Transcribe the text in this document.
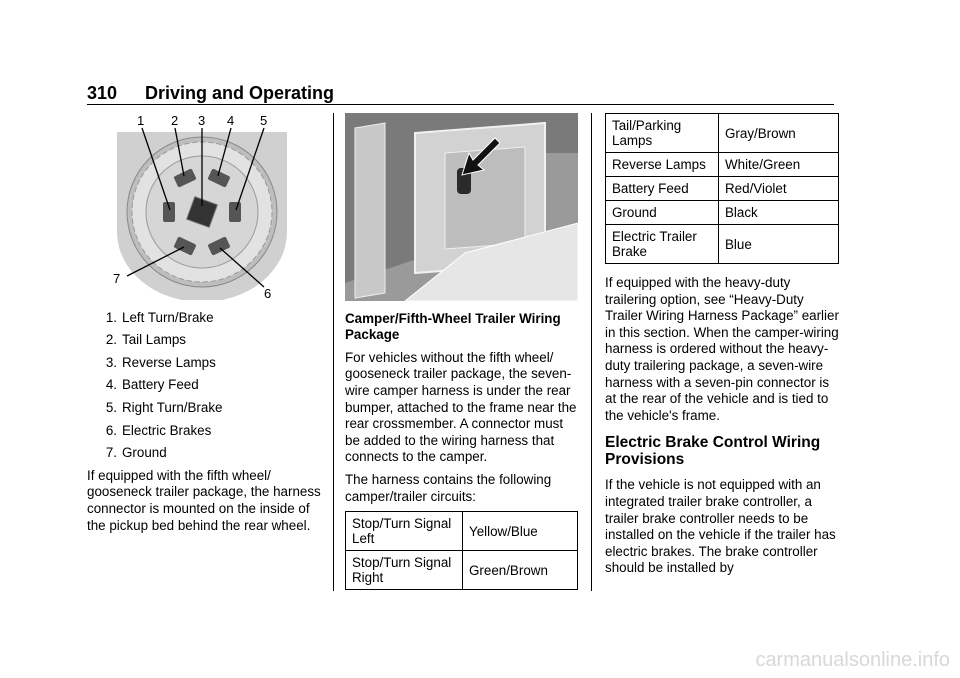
310 Driving and Operating
1 2 3 4 5
6
7
1. Left Turn/Brake
2. Tail Lamps
3. Reverse Lamps
4. Battery Feed
5. Right Turn/Brake
6. Electric Brakes
7. Ground

If equipped with the fifth wheel/ gooseneck trailer package, the harness connector is mounted on the inside of the pickup bed behind the rear wheel.

Camper/Fifth-Wheel Trailer Wiring Package

For vehicles without the fifth wheel/ gooseneck trailer package, the seven-wire camper harness is under the rear bumper, attached to the frame near the rear crossmember. A connector must be added to the wiring harness that connects to the camper.

The harness contains the following camper/trailer circuits:

Stop/Turn Signal Left	Yellow/Blue
Stop/Turn Signal Right	Green/Brown
Tail/Parking Lamps	Gray/Brown
Reverse Lamps	White/Green
Battery Feed	Red/Violet
Ground	Black
Electric Trailer Brake	Blue

If equipped with the heavy-duty trailering option, see “Heavy-Duty Trailer Wiring Harness Package” earlier in this section. When the camper-wiring harness is ordered without the heavy-duty trailering package, a seven-wire harness with a seven-pin connector is at the rear of the vehicle and is tied to the vehicle's frame.

Electric Brake Control Wiring Provisions

If the vehicle is not equipped with an integrated trailer brake controller, a trailer brake controller needs to be installed on the vehicle if the trailer has electric brakes. The brake controller should be installed by

carmanualsonline.info
